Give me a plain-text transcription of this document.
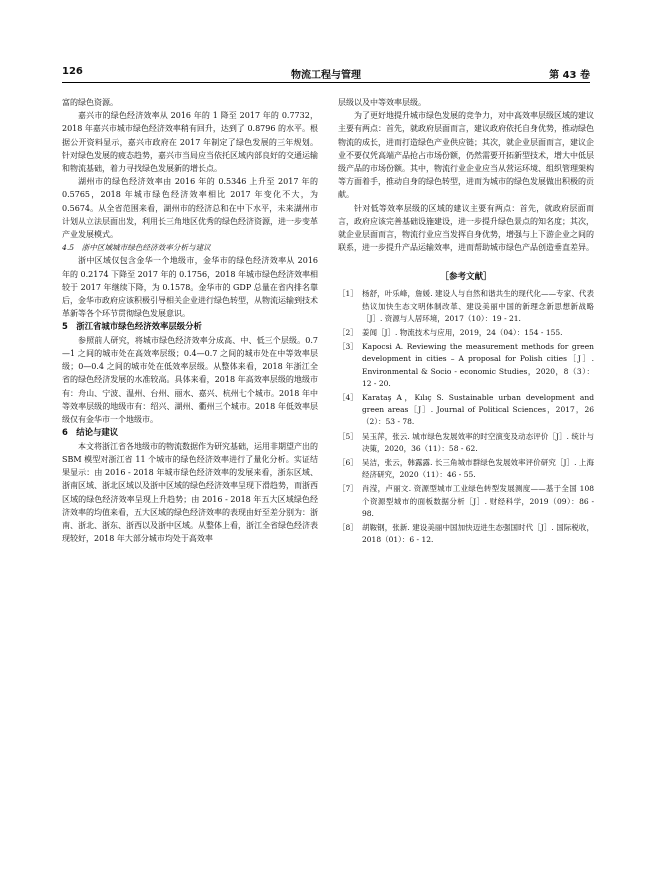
126	物流工程与管理	第 43 卷

富的绿色资源。

嘉兴市的绿色经济效率从 2016 年的 1 降至 2017 年的 0.7732，2018 年嘉兴市城市绿色经济效率稍有回升，达到了 0.8796 的水平。根据公开资料显示，嘉兴市政府在 2017 年制定了绿色发展的三年规划。针对绿色发展的疲态趋势，嘉兴市当局应当依托区域内部良好的交通运输和物流基础，着力寻找绿色发展新的增长点。

湖州市的绿色经济效率由 2016 年的 0.5346 上升至 2017 年的 0.5765，2018 年城市绿色经济效率相比 2017 年变化不大，为 0.5674。从全省范围来看，湖州市的经济总和在中下水平，未来湖州市计划从立法层面出发，利用长三角地区优秀的绿色经济资源，进一步变革产业发展模式。

4.5　浙中区域城市绿色经济效率分析与建议

浙中区域仅包含金华一个地级市，金华市的绿色经济效率从 2016 年的 0.2174 下降至 2017 年的 0.1756，2018 年城市绿色经济效率相较于 2017 年继续下降，为 0.1578。金华市的 GDP 总量在省内排名靠后，金华市政府应该积极引导相关企业进行绿色转型，从物流运输到技术革新等各个环节贯彻绿色发展意识。

5　浙江省城市绿色经济效率层级分析

参照前人研究，将城市绿色经济效率分成高、中、低三个层级。0.7—1 之间的城市处在高效率层级；0.4—0.7 之间的城市处在中等效率层级；0—0.4 之间的城市处在低效率层级。从整体来看，2018 年浙江全省的绿色经济发展的水准较高。具体来看，2018 年高效率层级的地级市有：舟山、宁波、温州、台州、丽水、嘉兴、杭州七个城市。2018 年中等效率层级的地级市有：绍兴、湖州、衢州三个城市。2018 年低效率层级仅有金华市一个地级市。

6　结论与建议

本文将浙江省各地级市的物流数据作为研究基础，运用非期望产出的 SBM 模型对浙江省 11 个城市的绿色经济效率进行了量化分析。实证结果显示：由 2016 - 2018 年城市绿色经济效率的发展来看，浙东区域、浙南区域、浙北区域以及浙中区域的绿色经济效率呈现下滑趋势，而浙西区域的绿色经济效率呈现上升趋势；由 2016 - 2018 年五大区域绿色经济效率的均值来看，五大区域的绿色经济效率的表现由好至差分别为：浙南、浙北、浙东、浙西以及浙中区域。从整体上看，浙江全省绿色经济表现较好，2018 年大部分城市均处于高效率

层级以及中等效率层级。

为了更好地提升城市绿色发展的竞争力，对中高效率层级区域的建议主要有两点：首先，就政府层面而言，建议政府依托自身优势，推动绿色物流的成长，进而打造绿色产业供应链；其次，就企业层面而言，建议企业不要仅凭高端产品抢占市场份额，仍然需要开拓新型技术，增大中低层级产品的市场份额。其中，物流行业企业应当从营运环境、组织管理架构等方面着手，推动自身的绿色转型，进而为城市的绿色发展做出积极的贡献。

针对低等效率层级的区域的建议主要有两点：首先，就政府层面而言，政府应该完善基础设施建设，进一步提升绿色景点的知名度；其次，就企业层面而言，物流行业应当发挥自身优势，增强与上下游企业之间的联系，进一步提升产品运输效率，进而帮助城市绿色产品创造垂直差异。

［参考文献］
［1］ 杨舒，叶乐峰，詹媛. 建设人与自然和谐共生的现代化——专家、代表热议加快生态文明体制改革、建设美丽中国的新理念新思想新战略［J］. 资源与人居环境，2017（10）：19 - 21.
［2］ 姜闻［J］. 物流技术与应用，2019，24（04）：154 - 155.
［3］ Kapocsi A. Reviewing the measurement methods for green development in cities – A proposal for Polish cities［J］. Environmental & Socio - economic Studies，2020，8（3）：12 - 20.
［4］ Karataş A，Kılıç S. Sustainable urban development and green areas［J］. Journal of Political Sciences，2017，26（2）：53 - 78.
［5］ 吴玉萍，张云. 城市绿色发展效率的时空演变及动态评价［J］. 统计与决策，2020，36（11）：58 - 62.
［6］ 吴洁，张云，韩露露. 长三角城市群绿色发展效率评价研究［J］. 上海经济研究，2020（11）：46 - 55.
［7］ 肖滢，卢丽文. 资源型城市工业绿色转型发展测度——基于全国 108 个资源型城市的面板数据分析［J］. 财经科学，2019（09）：86 - 98.
［8］ 胡鞍钢，张新. 建设美丽中国加快迈进生态强国时代［J］. 国际税收，2018（01）：6 - 12.
